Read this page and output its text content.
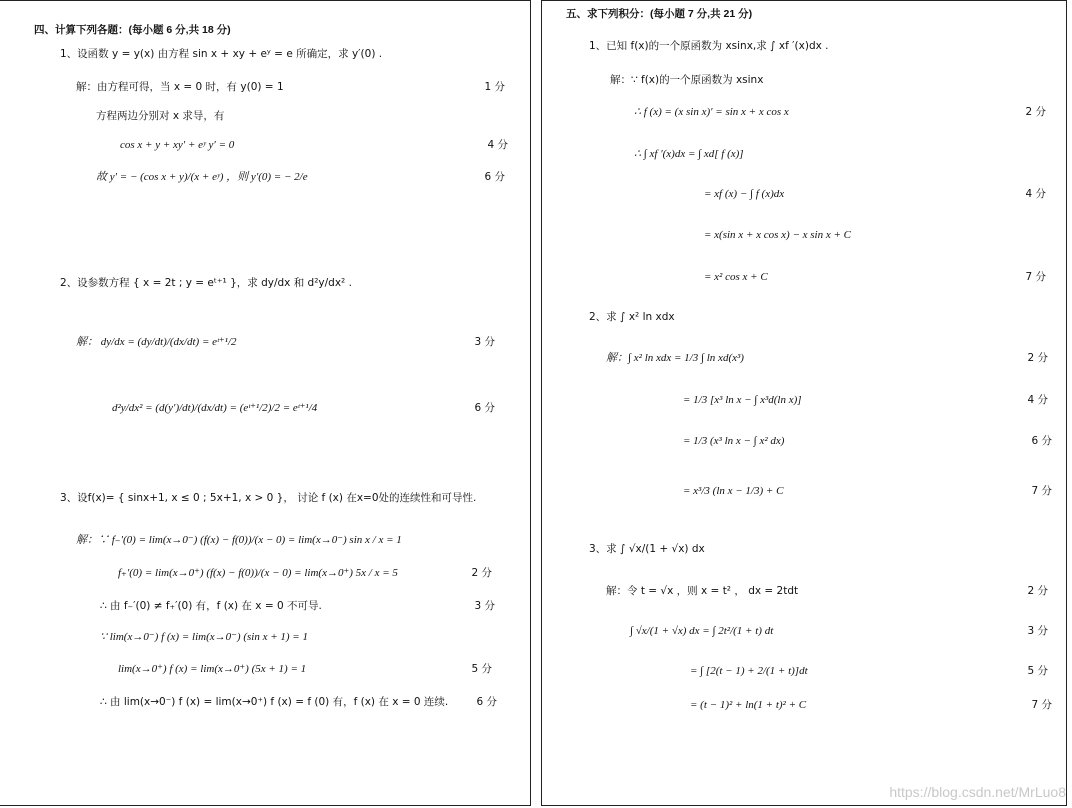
四、计算下列各题：(每小题 6 分,共 18 分)
1、设函数 y = y(x) 由方程 sin x + xy + eʸ = e 所确定，求 y′(0) .
解：由方程可得，当 x = 0 时，有 y(0) = 1	1 分
方程两边分别对 x 求导，有
cos x + y + xy′ + eʸ y′ = 0	4 分
故 y′ = − (cos x + y)/(x + eʸ) ，则 y′(0) = − 2/e	6 分
2、设参数方程 { x = 2t ; y = eᵗ⁺¹ }，求 dy/dx 和 d²y/dx² .
解： dy/dx = (dy/dt)/(dx/dt) = eᵗ⁺¹/2	3 分
d²y/dx² = (d(y′)/dt)/(dx/dt) = (eᵗ⁺¹/2)/2 = eᵗ⁺¹/4	6 分
3、设f(x)= { sinx+1, x ≤ 0 ; 5x+1, x > 0 }， 讨论 f (x) 在x=0处的连续性和可导性.
解：∵ f₋′(0) = lim(x→0⁻) (f(x) − f(0))/(x − 0) = lim(x→0⁻) sin x / x = 1
f₊′(0) = lim(x→0⁺) (f(x) − f(0))/(x − 0) = lim(x→0⁺) 5x / x = 5	2 分
∴ 由 f₋′(0) ≠ f₊′(0) 有，f (x) 在 x = 0 不可导.	3 分
∵ lim(x→0⁻) f (x) = lim(x→0⁻) (sin x + 1) = 1
lim(x→0⁺) f (x) = lim(x→0⁺) (5x + 1) = 1	5 分
∴ 由 lim(x→0⁻) f (x) = lim(x→0⁺) f (x) = f (0) 有，f (x) 在 x = 0 连续.	6 分
五、求下列积分：(每小题 7 分,共 21 分)
1、已知 f(x)的一个原函数为 xsinx,求 ∫ xf ′(x)dx .
解：∵ f(x)的一个原函数为 xsinx
∴ f (x) = (x sin x)′ = sin x + x cos x	2 分
∴ ∫ xf ′(x)dx = ∫ xd[ f (x)]
= xf (x) − ∫ f (x)dx	4 分
= x(sin x + x cos x) − x sin x + C
= x² cos x + C	7 分
2、求 ∫ x² ln xdx
解：∫ x² ln xdx = 1/3 ∫ ln xd(x³)	2 分
= 1/3 [x³ ln x − ∫ x³d(ln x)]	4 分
= 1/3 (x³ ln x − ∫ x² dx)	6 分
= x³/3 (ln x − 1/3) + C	7 分
3、求 ∫ √x/(1 + √x) dx
解：令 t = √x ，则 x = t² ， dx = 2tdt	2 分
∫ √x/(1 + √x) dx = ∫ 2t²/(1 + t) dt	3 分
= ∫ [2(t − 1) + 2/(1 + t)]dt	5 分
= (t − 1)² + ln(1 + t)² + C	7 分
https://blog.csdn.net/MrLuo8
